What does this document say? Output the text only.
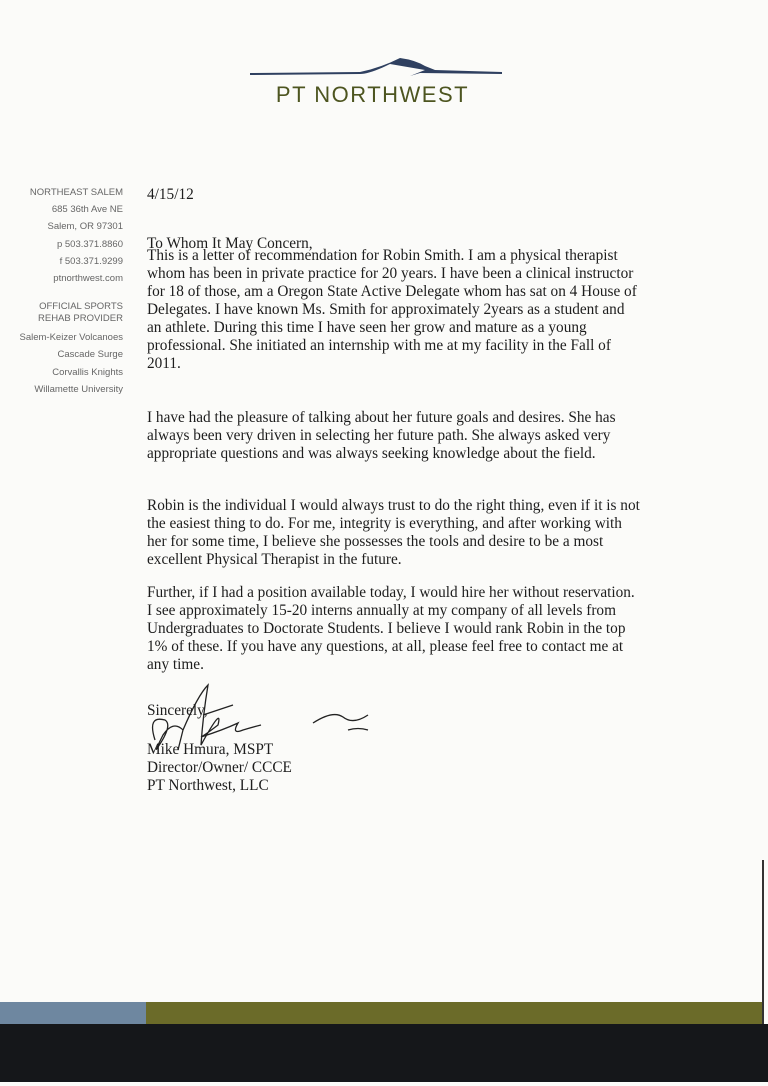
PT NORTHWEST
NORTHEAST SALEM
685 36th Ave NE
Salem, OR 97301
p 503.371.8860
f 503.371.9299
ptnorthwest.com
OFFICIAL SPORTS
REHAB PROVIDER
Salem-Keizer Volcanoes
Cascade Surge
Corvallis Knights
Willamette University
4/15/12
To Whom It May Concern,
This is a letter of recommendation for Robin Smith. I am a physical therapist
whom has been in private practice for 20 years. I have been a clinical instructor
for 18 of those, am a Oregon State Active Delegate whom has sat on 4 House of
Delegates. I have known Ms. Smith for approximately 2years as a student and
an athlete. During this time I have seen her grow and mature as a young
professional. She initiated an internship with me at my facility in the Fall of
2011.
I have had the pleasure of talking about her future goals and desires. She has
always been very driven in selecting her future path. She always asked very
appropriate questions and was always seeking knowledge about the field.
Robin is the individual I would always trust to do the right thing, even if it is not
the easiest thing to do. For me, integrity is everything, and after working with
her for some time, I believe she possesses the tools and desire to be a most
excellent Physical Therapist in the future.
Further, if I had a position available today, I would hire her without reservation.
I see approximately 15-20 interns annually at my company of all levels from
Undergraduates to Doctorate Students. I believe I would rank Robin in the top
1% of these. If you have any questions, at all, please feel free to contact me at
any time.
Sincerely,
Mike Hmura, MSPT
Director/Owner/ CCCE
PT Northwest, LLC
